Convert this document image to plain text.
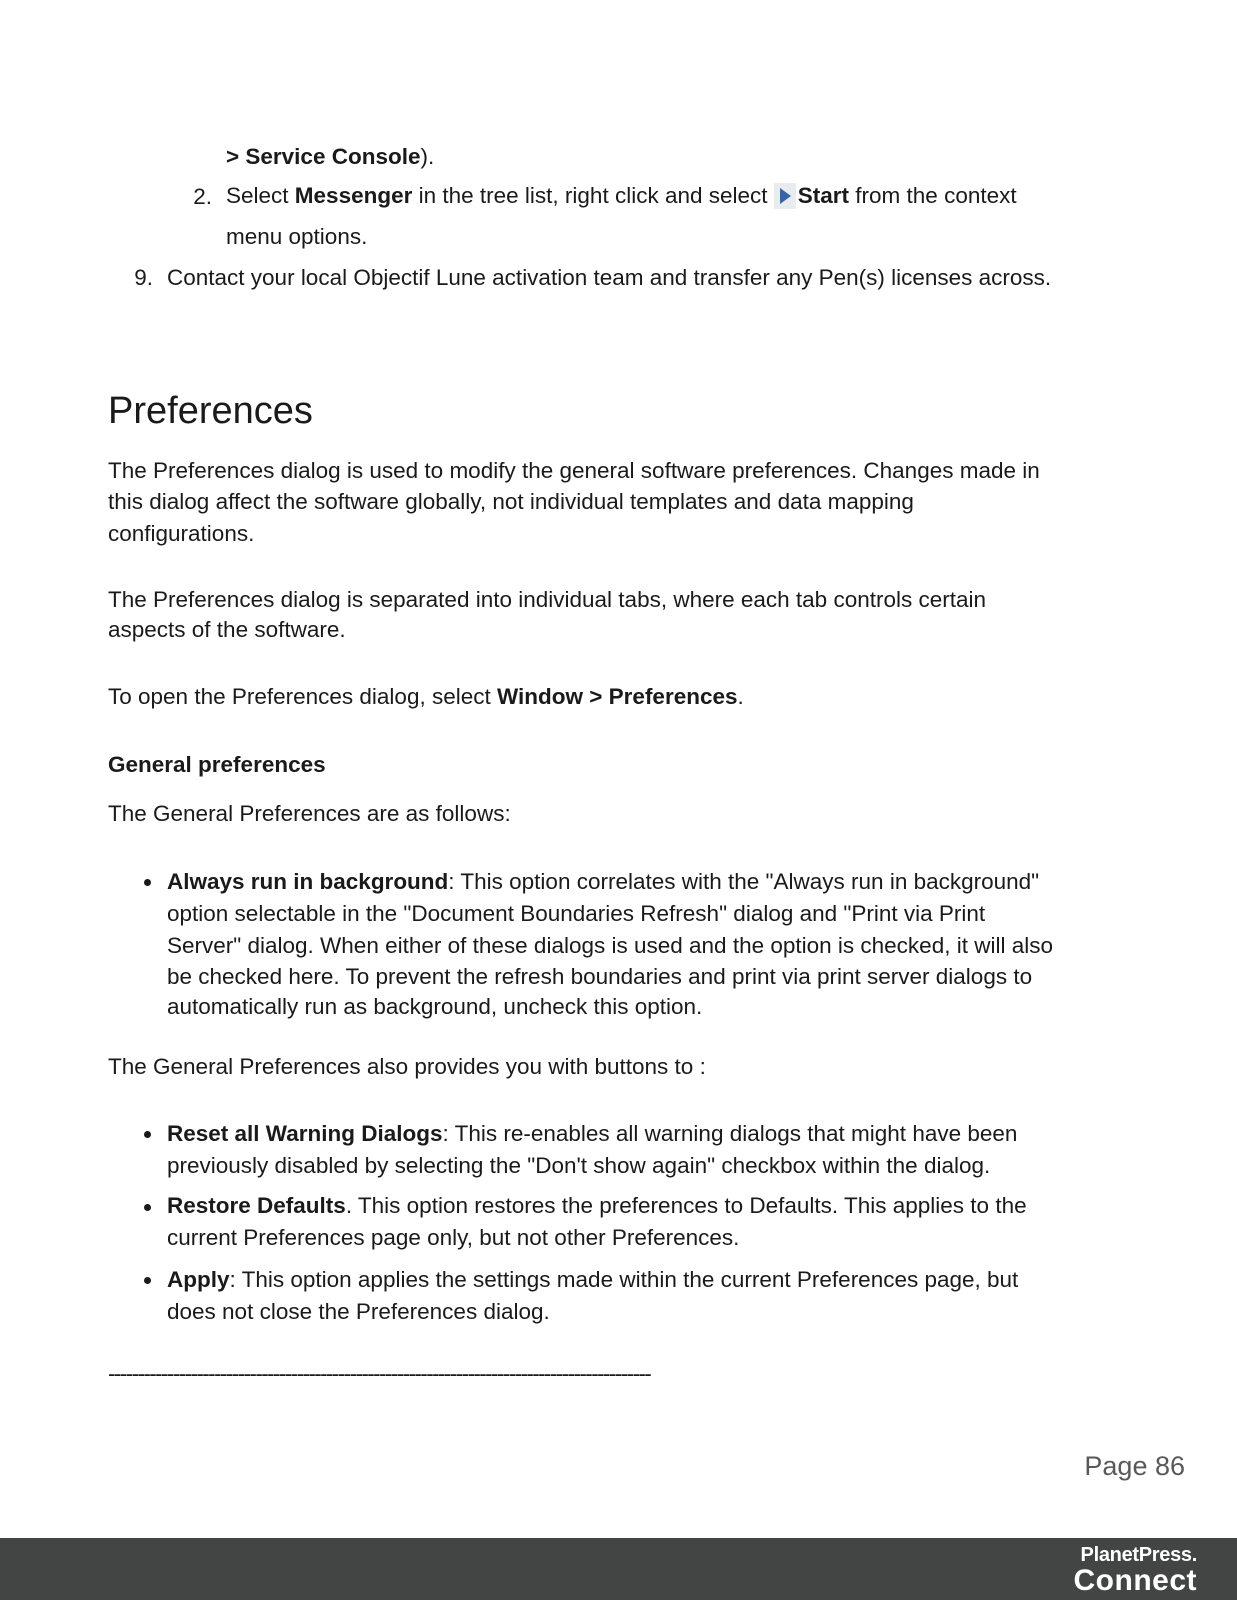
> Service Console).
2. Select Messenger in the tree list, right click and select Start from the context
menu options.
9. Contact your local Objectif Lune activation team and transfer any Pen(s) licenses across.
Preferences
The Preferences dialog is used to modify the general software preferences. Changes made in
this dialog affect the software globally, not individual templates and data mapping
configurations.
The Preferences dialog is separated into individual tabs, where each tab controls certain
aspects of the software.
To open the Preferences dialog, select Window > Preferences.
General preferences
The General Preferences are as follows:
Always run in background: This option correlates with the "Always run in background"
option selectable in the "Document Boundaries Refresh" dialog and "Print via Print
Server" dialog. When either of these dialogs is used and the option is checked, it will also
be checked here. To prevent the refresh boundaries and print via print server dialogs to
automatically run as background, uncheck this option.
The General Preferences also provides you with buttons to :
Reset all Warning Dialogs: This re-enables all warning dialogs that might have been
previously disabled by selecting the "Don't show again" checkbox within the dialog.
Restore Defaults. This option restores the preferences to Defaults. This applies to the
current Preferences page only, but not other Preferences.
Apply: This option applies the settings made within the current Preferences page, but
does not close the Preferences dialog.
--------------------------------------------------------------------------------------------
Page 86
PlanetPress.
Connect
